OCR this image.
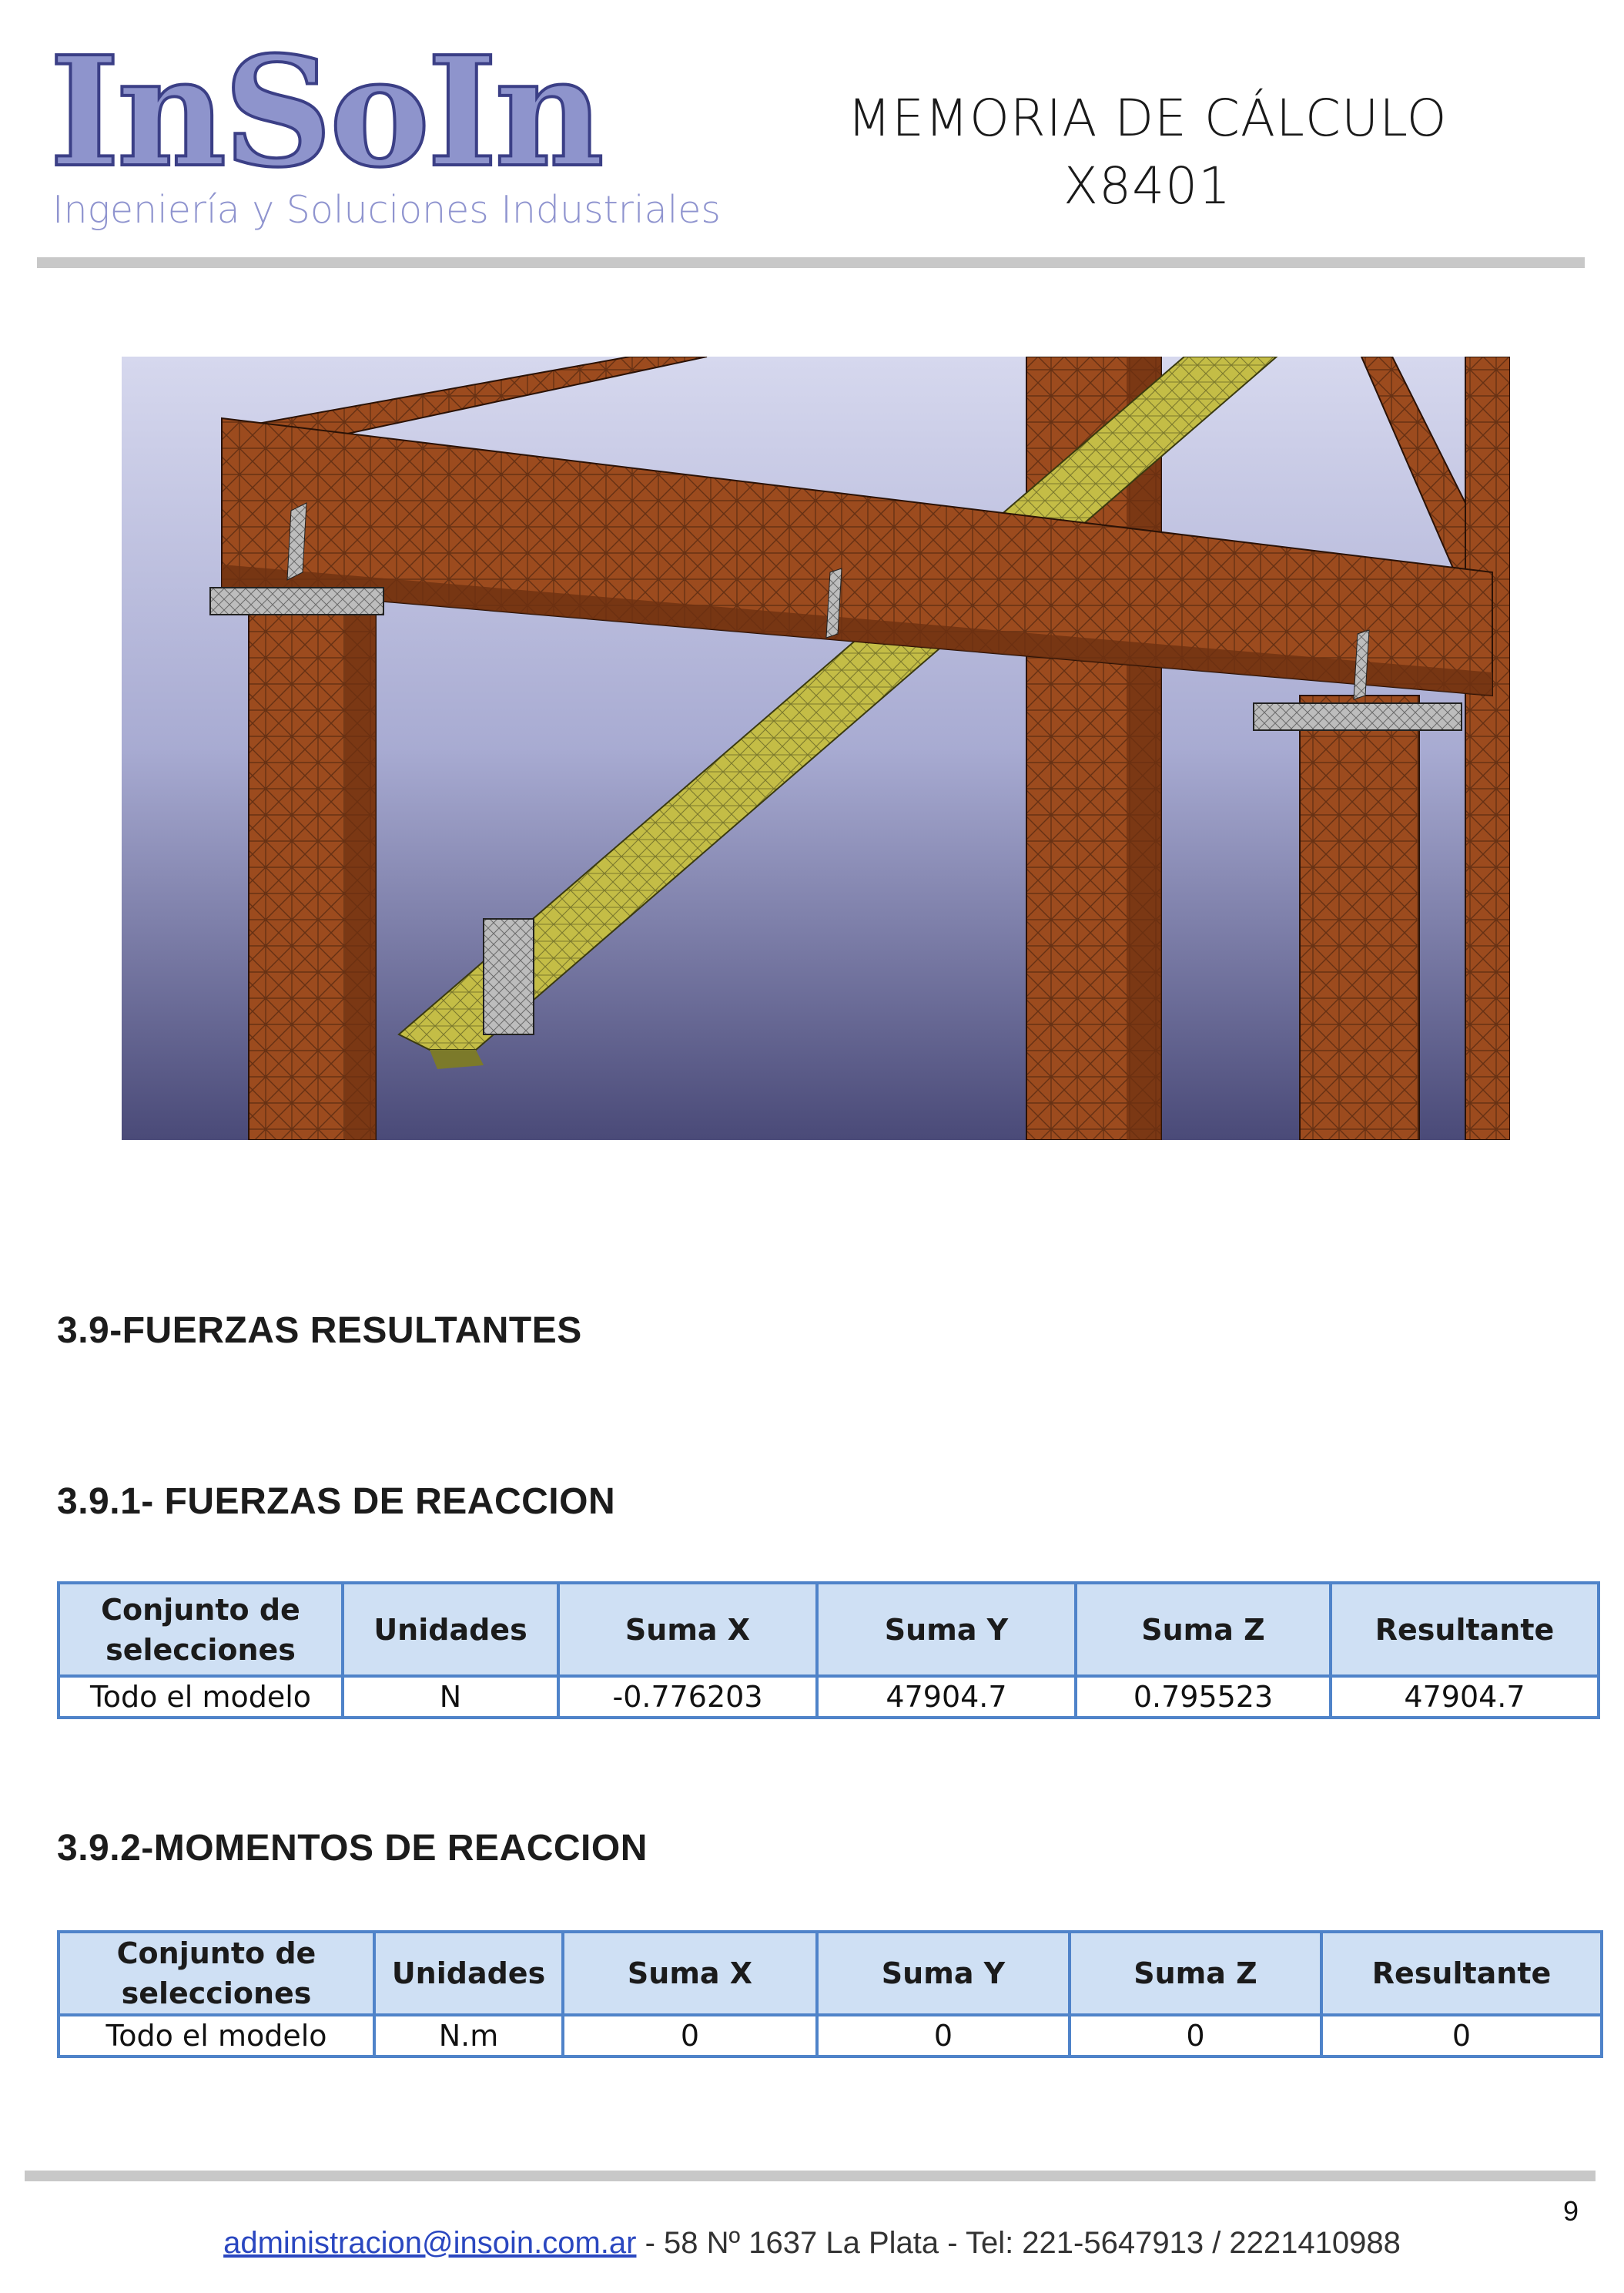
InSoIn
Ingeniería y Soluciones Industriales
MEMORIA DE CÁLCULO
X8401
3.9-FUERZAS RESULTANTES
3.9.1- FUERZAS DE REACCION
Conjunto de selecciones	Unidades	Suma X	Suma Y	Suma Z	Resultante
Todo el modelo	N	-0.776203	47904.7	0.795523	47904.7
3.9.2-MOMENTOS DE REACCION
Conjunto de selecciones	Unidades	Suma X	Suma Y	Suma Z	Resultante
Todo el modelo	N.m	0	0	0	0
9
administracion@insoin.com.ar - 58 Nº 1637 La Plata - Tel: 221-5647913 / 2221410988
